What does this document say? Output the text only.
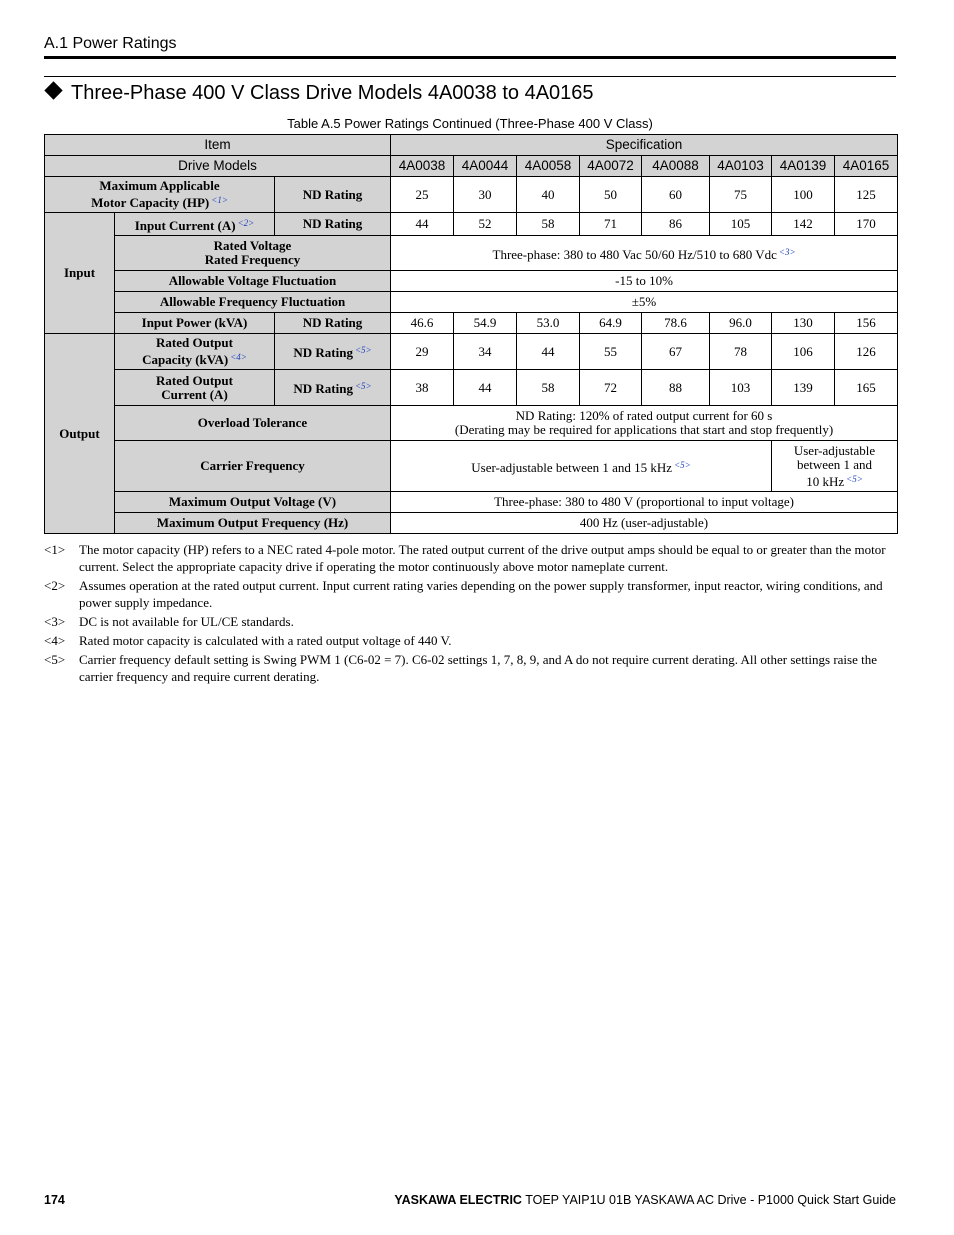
A.1 Power Ratings
Three-Phase 400 V Class Drive Models 4A0038 to 4A0165
Table A.5 Power Ratings Continued (Three-Phase 400 V Class)
Item			Specification							
Drive Models			4A0038	4A0044	4A0058	4A0072	4A0088	4A0103	4A0139	4A0165

Maximum Applicable
Motor Capacity (HP) $^{<1>}$		ND Rating	25	30	40	50	60	75	100	125
Input	Input Current (A) $^{<2>}$	ND Rating	44	52	58	71	86	105	142	170

	Rated Voltage
Rated Frequency		Three-phase: 380 to 480 Vac 50/60 Hz/510 to 680 Vdc $^{<3>}$
	Allowable Voltage Fluctuation		-15 to 10%							
	Allowable Frequency Fluctuation		±5%							
	Input Power (kVA)	ND Rating	46.6	54.9	53.0	64.9	78.6	96.0	130	156
Output	Rated Output
Capacity (kVA) $^{<4>}$	ND Rating $^{<5>}$	29	34	44	55	67	78	106	126

	Rated Output
Current (A)	ND Rating $^{<5>}$	38	44	58	72	88	103	139	165
	Overload Tolerance		ND Rating: 120% of rated output current for 60 s
(Derating may be required for applications that start and stop frequently)							

	Carrier Frequency		User-adjustable between 1 and 15 kHz $^{<5>}$						User-adjustable
between 1 and
10 kHz $^{<5>}$

	Maximum Output Voltage (V)		Three-phase: 380 to 480 V (proportional to input voltage)							
	Maximum Output Frequency (Hz)		400 Hz (user-adjustable)							
<1> The motor capacity (HP) refers to a NEC rated 4-pole motor. The rated output current of the drive output amps should be equal to or greater than the motor current. Select the appropriate capacity drive if operating the motor continuously above motor nameplate current.
<2> Assumes operation at the rated output current. Input current rating varies depending on the power supply transformer, input reactor, wiring conditions, and power supply impedance.
<3> DC is not available for UL/CE standards.
<4> Rated motor capacity is calculated with a rated output voltage of 440 V.
<5> Carrier frequency default setting is Swing PWM 1 (C6-02 = 7). C6-02 settings 1, 7, 8, 9, and A do not require current derating. All other settings raise the carrier frequency and require current derating.
174	YASKAWA ELECTRIC TOEP YAIP1U 01B YASKAWA AC Drive - P1000 Quick Start Guide
